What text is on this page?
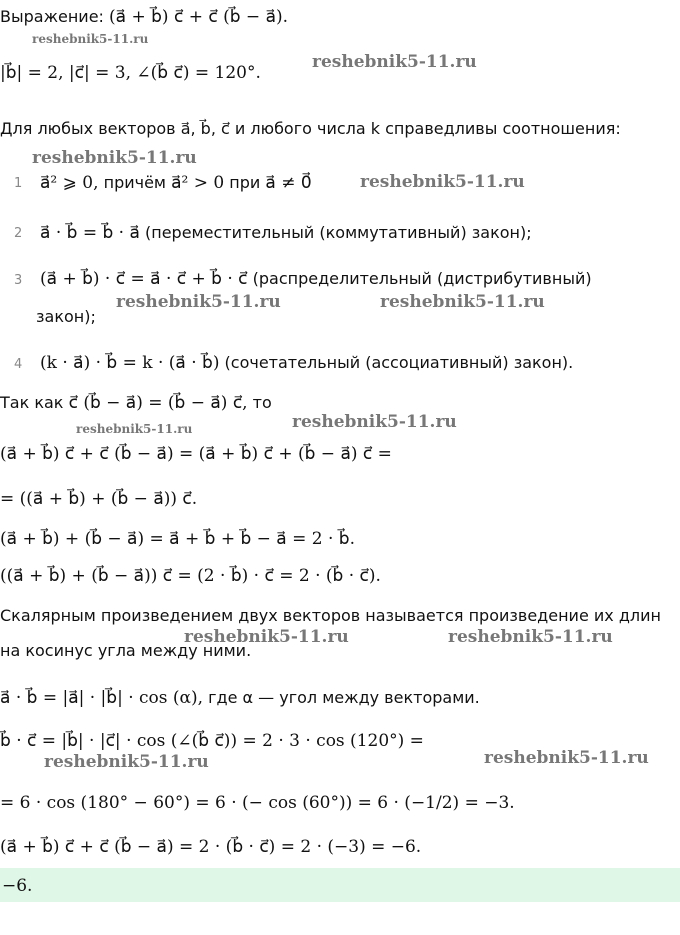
Выражение: (a⃗ + b⃗) c⃗ + c⃗ (b⃗ − a⃗).
reshebnik5-11.ru
|b⃗| = 2, |c⃗| = 3, ∠(b⃗ c⃗) = 120°.
reshebnik5-11.ru
Для любых векторов a⃗, b⃗, c⃗ и любого числа k справедливы соотношения:
reshebnik5-11.ru
1 a⃗² ⩾ 0, причём a⃗² > 0 при a⃗ ≠ 0⃗	reshebnik5-11.ru
2 a⃗ · b⃗ = b⃗ · a⃗ (переместительный (коммутативный) закон);
3 (a⃗ + b⃗) · c⃗ = a⃗ · c⃗ + b⃗ · c⃗ (распределительный (дистрибутивный)
reshebnik5-11.ru	reshebnik5-11.ru
закон);
4 (k · a⃗) · b⃗ = k · (a⃗ · b⃗) (сочетательный (ассоциативный) закон).
Так как c⃗ (b⃗ − a⃗) = (b⃗ − a⃗) c⃗, то
reshebnik5-11.ru
reshebnik5-11.ru
(a⃗ + b⃗) c⃗ + c⃗ (b⃗ − a⃗) = (a⃗ + b⃗) c⃗ + (b⃗ − a⃗) c⃗ =
= ((a⃗ + b⃗) + (b⃗ − a⃗)) c⃗.
(a⃗ + b⃗) + (b⃗ − a⃗) = a⃗ + b⃗ + b⃗ − a⃗ = 2 · b⃗.
((a⃗ + b⃗) + (b⃗ − a⃗)) c⃗ = (2 · b⃗) · c⃗ = 2 · (b⃗ · c⃗).
Скалярным произведением двух векторов называется произведение их длин
reshebnik5-11.ru	reshebnik5-11.ru
на косинус угла между ними.
a⃗ · b⃗ = |a⃗| · |b⃗| · cos (α), где α — угол между векторами.
b⃗ · c⃗ = |b⃗| · |c⃗| · cos (∠(b⃗ c⃗)) = 2 · 3 · cos (120°) =
reshebnik5-11.ru	reshebnik5-11.ru
= 6 · cos (180° − 60°) = 6 · (− cos (60°)) = 6 · (−1/2) = −3.
(a⃗ + b⃗) c⃗ + c⃗ (b⃗ − a⃗) = 2 · (b⃗ · c⃗) = 2 · (−3) = −6.
−6.
